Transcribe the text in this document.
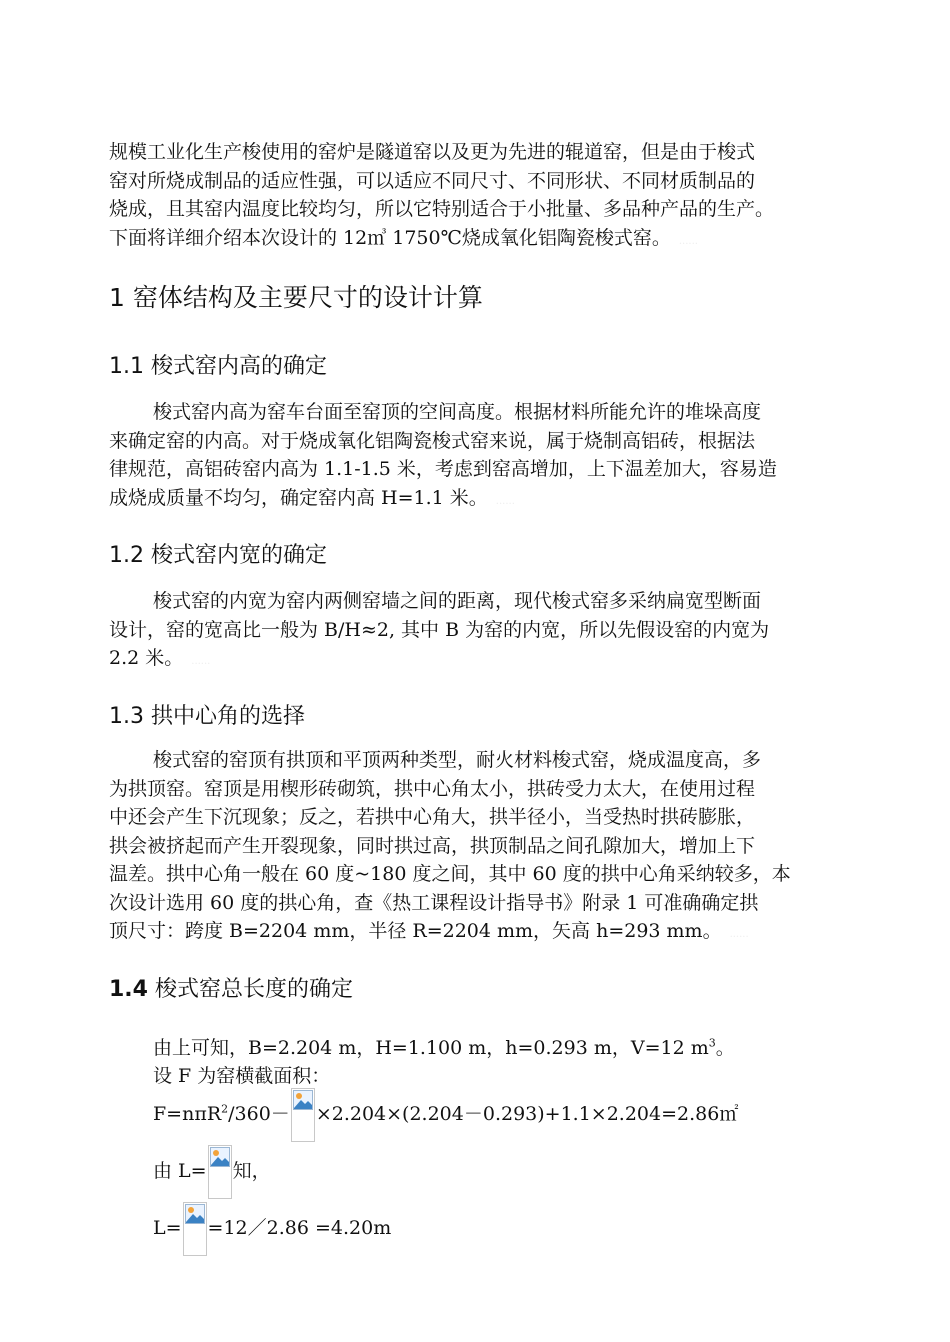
规模工业化生产梭使用的窑炉是隧道窑以及更为先进的辊道窑，但是由于梭式
窑对所烧成制品的适应性强，可以适应不同尺寸、不同形状、不同材质制品的
烧成，且其窑内温度比较均匀，所以它特别适合于小批量、多品种产品的生产。
下面将详细介绍本次设计的 12㎥ 1750℃烧成氧化铝陶瓷梭式窑。 ......
1 窑体结构及主要尺寸的设计计算
1.1 梭式窑内高的确定
梭式窑内高为窑车台面至窑顶的空间高度。根据材料所能允许的堆垛高度
来确定窑的内高。对于烧成氧化铝陶瓷梭式窑来说，属于烧制高铝砖，根据法
律规范，高铝砖窑内高为 1.1-1.5 米，考虑到窑高增加，上下温差加大，容易造
成烧成质量不均匀，确定窑内高 H=1.1 米。 ......
1.2 梭式窑内宽的确定
梭式窑的内宽为窑内两侧窑墙之间的距离，现代梭式窑多采纳扁宽型断面
设计，窑的宽高比一般为 B/H≈2, 其中 B 为窑的内宽，所以先假设窑的内宽为
2.2 米。 ......
1.3 拱中心角的选择
梭式窑的窑顶有拱顶和平顶两种类型，耐火材料梭式窑，烧成温度高，多
为拱顶窑。窑顶是用楔形砖砌筑，拱中心角太小，拱砖受力太大，在使用过程
中还会产生下沉现象；反之，若拱中心角大，拱半径小，当受热时拱砖膨胀，
拱会被挤起而产生开裂现象，同时拱过高，拱顶制品之间孔隙加大，增加上下
温差。拱中心角一般在 60 度~180 度之间，其中 60 度的拱中心角采纳较多，本
次设计选用 60 度的拱心角，查《热工课程设计指导书》附录 1 可准确确定拱
顶尺寸：跨度 B=2204 mm，半径 R=2204 mm，矢高 h=293 mm。 ......
1.4 梭式窑总长度的确定
由上可知，B=2.204 m，H=1.100 m，h=0.293 m，V=12 $m^3$。
设 F 为窑横截面积：
F=nπR$^2$/360－ ×2.204×(2.204－0.293)+1.1×2.204=2.86㎡
由 L= 知，
L= =12／2.86 =4.20m
